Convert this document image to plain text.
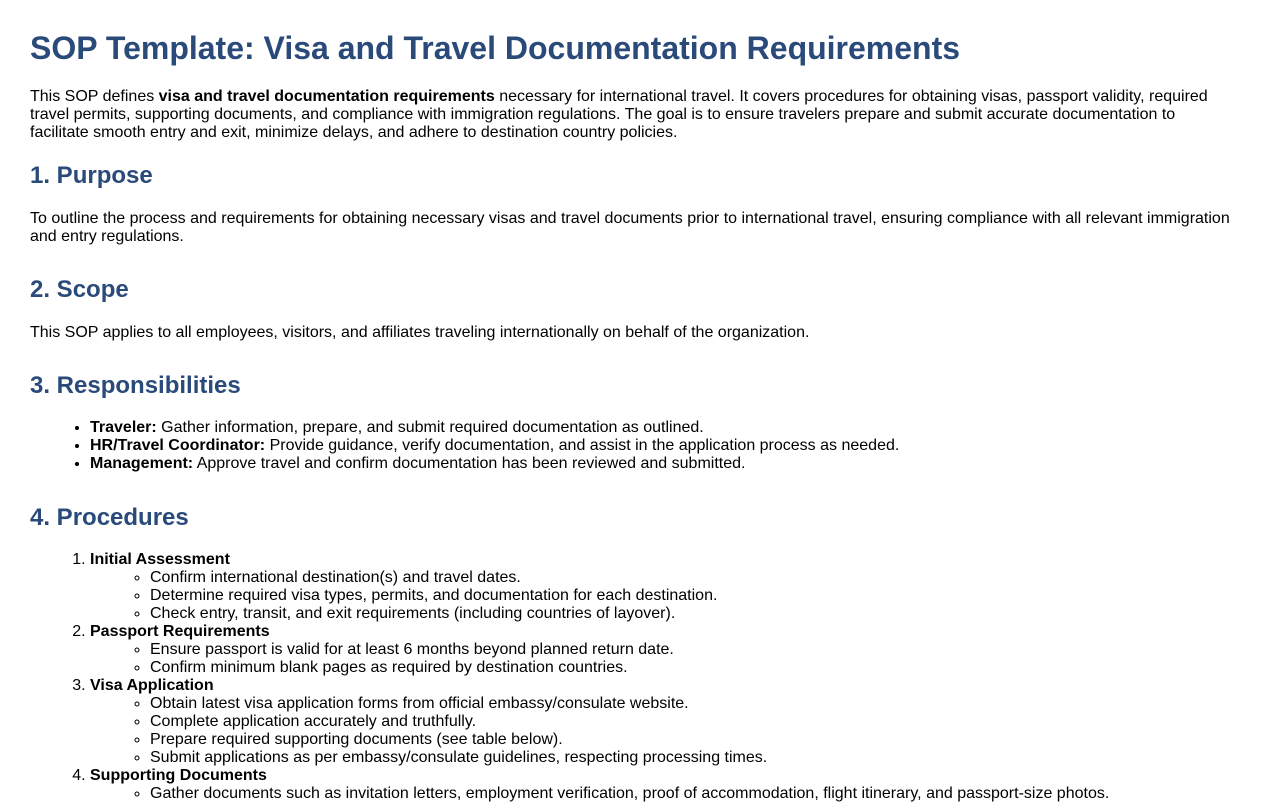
SOP Template: Visa and Travel Documentation Requirements

This SOP defines visa and travel documentation requirements necessary for international travel. It covers procedures for obtaining visas, passport validity, required travel permits, supporting documents, and compliance with immigration regulations. The goal is to ensure travelers prepare and submit accurate documentation to facilitate smooth entry and exit, minimize delays, and adhere to destination country policies.

1. Purpose

To outline the process and requirements for obtaining necessary visas and travel documents prior to international travel, ensuring compliance with all relevant immigration and entry regulations.

2. Scope

This SOP applies to all employees, visitors, and affiliates traveling internationally on behalf of the organization.

3. Responsibilities
• Traveler: Gather information, prepare, and submit required documentation as outlined.
• HR/Travel Coordinator: Provide guidance, verify documentation, and assist in the application process as needed.
• Management: Approve travel and confirm documentation has been reviewed and submitted.
4. Procedures
1. Initial Assessment
◦ Confirm international destination(s) and travel dates.
◦ Determine required visa types, permits, and documentation for each destination.
◦ Check entry, transit, and exit requirements (including countries of layover).
2. Passport Requirements
◦ Ensure passport is valid for at least 6 months beyond planned return date.
◦ Confirm minimum blank pages as required by destination countries.
3. Visa Application
◦ Obtain latest visa application forms from official embassy/consulate website.
◦ Complete application accurately and truthfully.
◦ Prepare required supporting documents (see table below).
◦ Submit applications as per embassy/consulate guidelines, respecting processing times.
4. Supporting Documents
◦ Gather documents such as invitation letters, employment verification, proof of accommodation, flight itinerary, and passport-size photos.
